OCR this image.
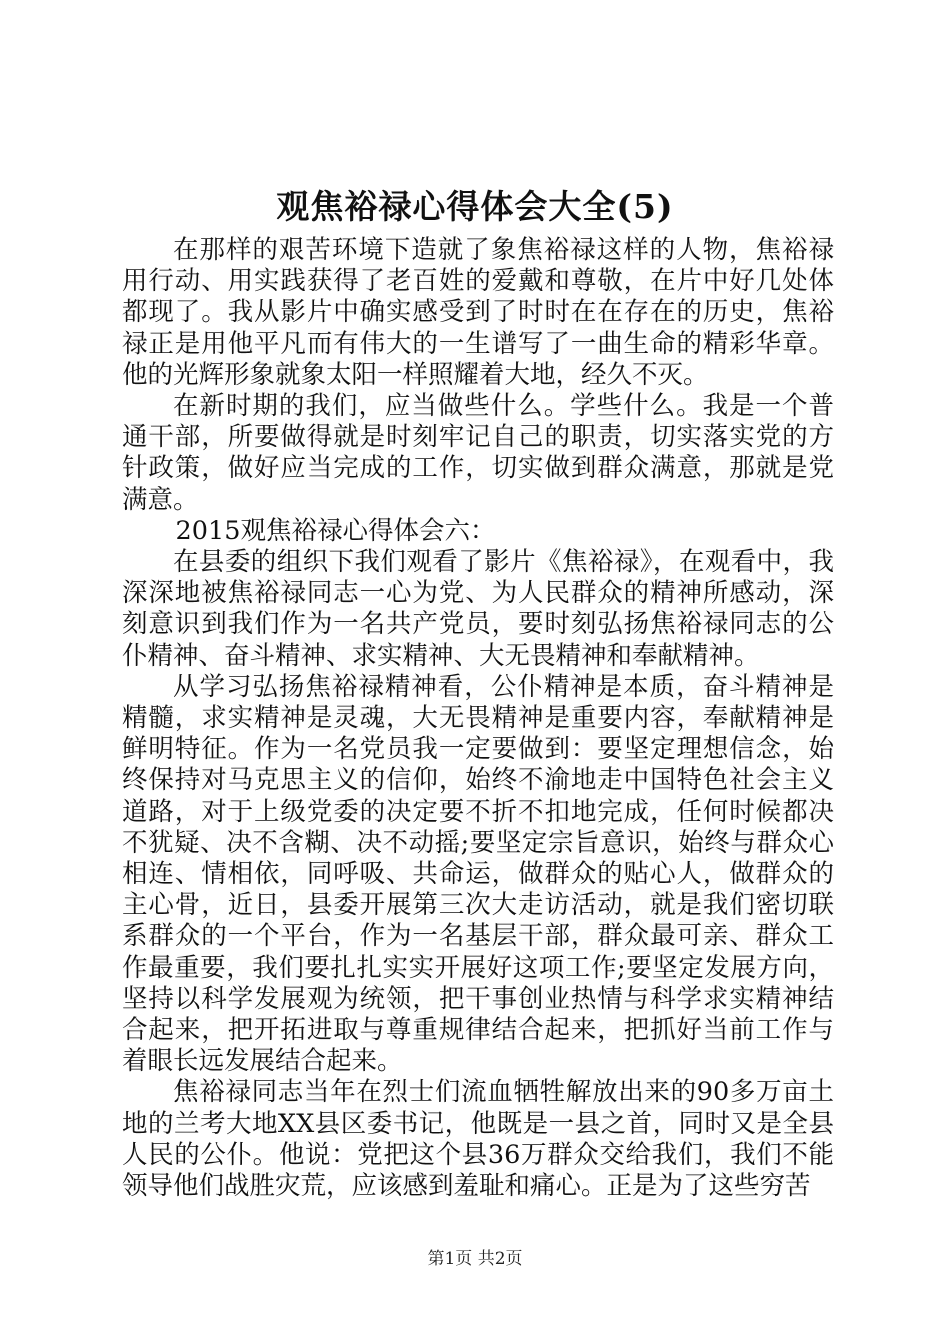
观焦裕禄心得体会大全(5)

在那样的艰苦环境下造就了象焦裕禄这样的人物，焦裕禄用行动、用实践获得了老百姓的爱戴和尊敬，在片中好几处体都现了。我从影片中确实感受到了时时在在存在的历史，焦裕禄正是用他平凡而有伟大的一生谱写了一曲生命的精彩华章。他的光辉形象就象太阳一样照耀着大地，经久不灭。

在新时期的我们，应当做些什么。学些什么。我是一个普通干部，所要做得就是时刻牢记自己的职责，切实落实党的方针政策，做好应当完成的工作，切实做到群众满意，那就是党满意。

2015观焦裕禄心得体会六：

在县委的组织下我们观看了影片《焦裕禄》，在观看中，我深深地被焦裕禄同志一心为党、为人民群众的精神所感动，深刻意识到我们作为一名共产党员，要时刻弘扬焦裕禄同志的公仆精神、奋斗精神、求实精神、大无畏精神和奉献精神。

从学习弘扬焦裕禄精神看，公仆精神是本质，奋斗精神是精髓，求实精神是灵魂，大无畏精神是重要内容，奉献精神是鲜明特征。作为一名党员我一定要做到：要坚定理想信念，始终保持对马克思主义的信仰，始终不渝地走中国特色社会主义道路，对于上级党委的决定要不折不扣地完成，任何时候都决不犹疑、决不含糊、决不动摇;要坚定宗旨意识，始终与群众心相连、情相依，同呼吸、共命运，做群众的贴心人，做群众的主心骨，近日，县委开展第三次大走访活动，就是我们密切联系群众的一个平台，作为一名基层干部，群众最可亲、群众工作最重要，我们要扎扎实实开展好这项工作;要坚定发展方向，坚持以科学发展观为统领，把干事创业热情与科学求实精神结合起来，把开拓进取与尊重规律结合起来，把抓好当前工作与着眼长远发展结合起来。

焦裕禄同志当年在烈士们流血牺牲解放出来的90多万亩土地的兰考大地XX县区委书记，他既是一县之首，同时又是全县人民的公仆。他说：党把这个县36万群众交给我们，我们不能领导他们战胜灾荒，应该感到羞耻和痛心。正是为了这些穷苦

第1页 共2页
